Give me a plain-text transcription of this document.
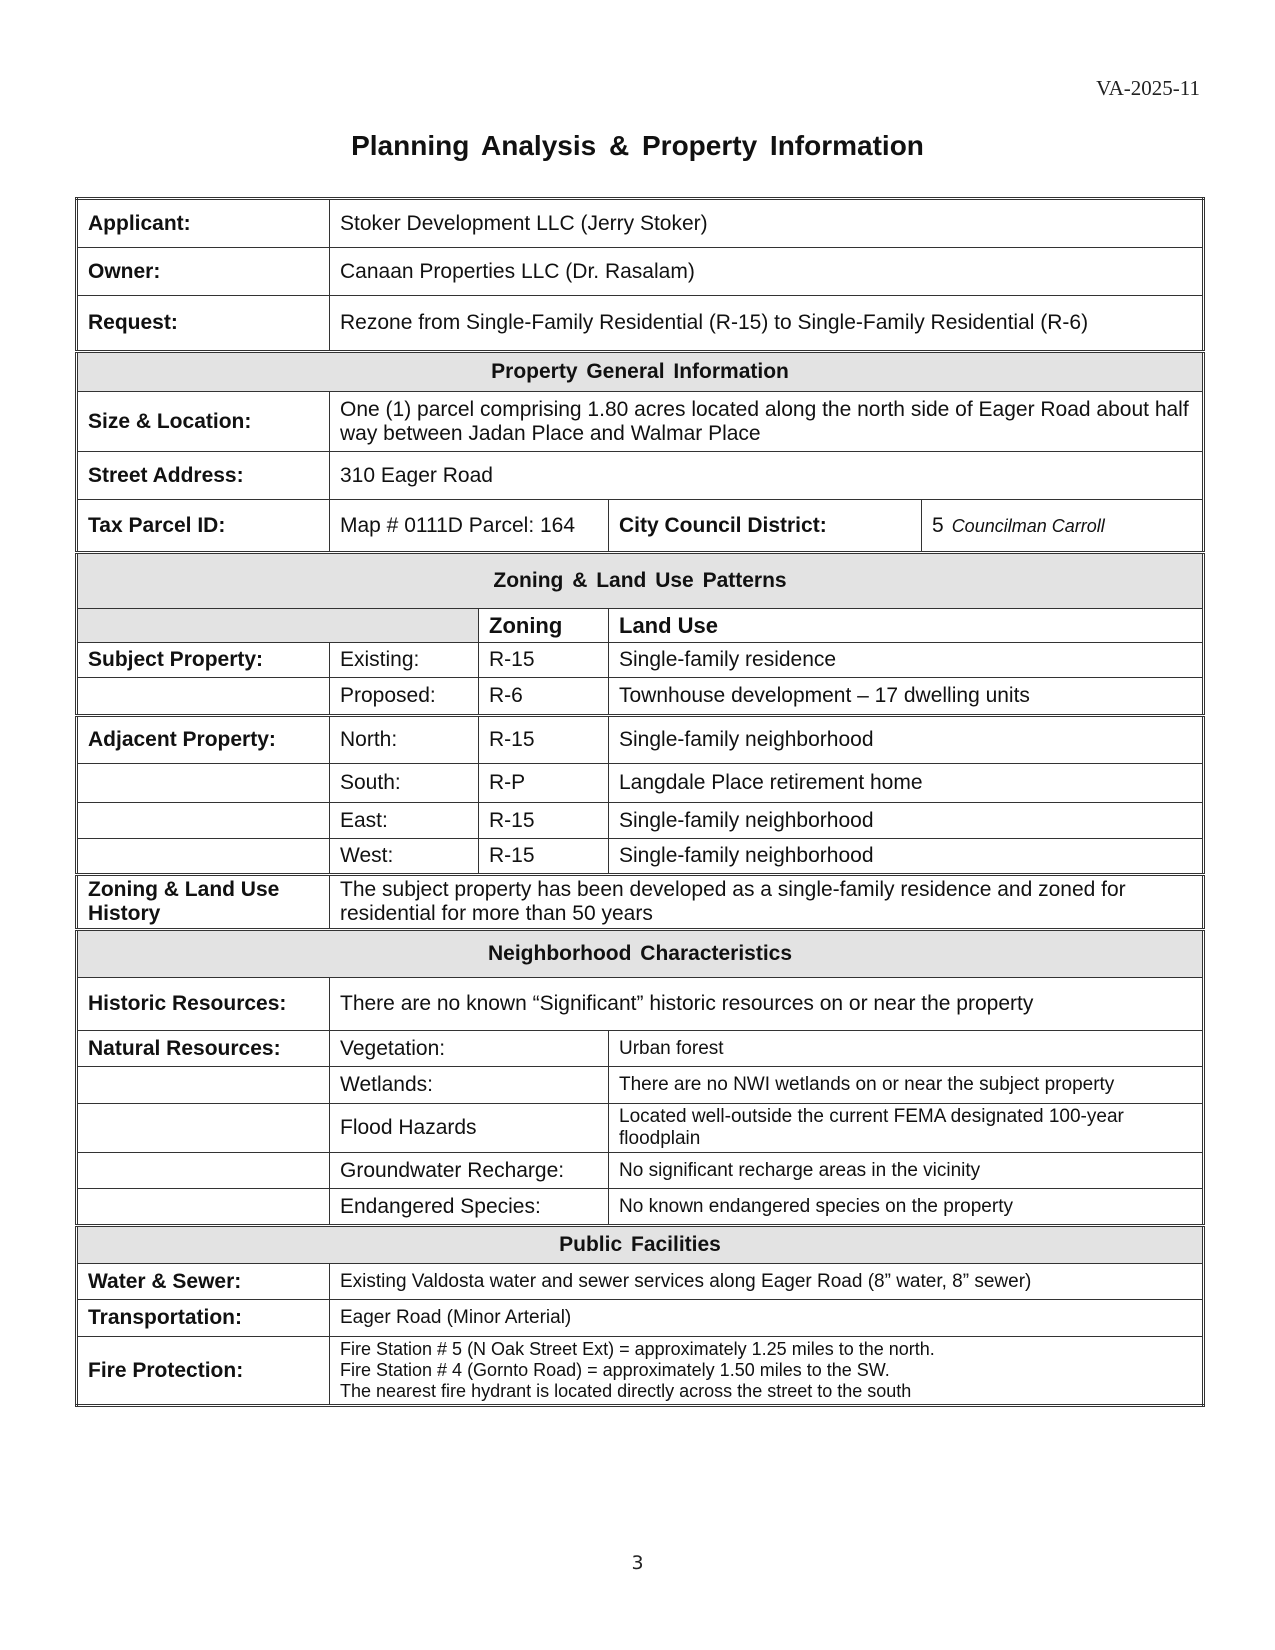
VA-2025-11
Planning Analysis & Property Information
Applicant:	Stoker Development LLC (Jerry Stoker)			
Owner:	Canaan Properties LLC (Dr. Rasalam)			
Request:	Rezone from Single-Family Residential (R-15) to Single-Family Residential (R-6)			
Property General Information				
Size & Location:	One (1) parcel comprising 1.80 acres located along the north side of Eager Road about half way between Jadan Place and Walmar Place			
Street Address:	310 Eager Road			
Tax Parcel ID:	Map # 0111D Parcel: 164		City Council District:	5 Councilman Carroll
Zoning & Land Use Patterns				
		Zoning	Land Use	
Subject Property:	Existing:	R-15	Single-family residence	
	Proposed:	R-6	Townhouse development – 17 dwelling units	
Adjacent Property:	North:	R-15	Single-family neighborhood	
	South:	R-P	Langdale Place retirement home	
	East:	R-15	Single-family neighborhood	
	West:	R-15	Single-family neighborhood	

Zoning & Land Use
History	The subject property has been developed as a single-family residence and zoned for residential for more than 50 years			
Neighborhood Characteristics				
Historic Resources:	There are no known “Significant” historic resources on or near the property			
Natural Resources:	Vegetation:		Urban forest	
	Wetlands:		There are no NWI wetlands on or near the subject property	
	Flood Hazards		Located well-outside the current FEMA designated 100-year floodplain	
	Groundwater Recharge:		No significant recharge areas in the vicinity	
	Endangered Species:		No known endangered species on the property	
Public Facilities				
Water & Sewer:	Existing Valdosta water and sewer services along Eager Road (8” water, 8” sewer)			
Transportation:	Eager Road (Minor Arterial)			
Fire Protection:	Fire Station # 5 (N Oak Street Ext) = approximately 1.25 miles to the north.
Fire Station # 4 (Gornto Road) = approximately 1.50 miles to the SW.
The nearest fire hydrant is located directly across the street to the south			
3
